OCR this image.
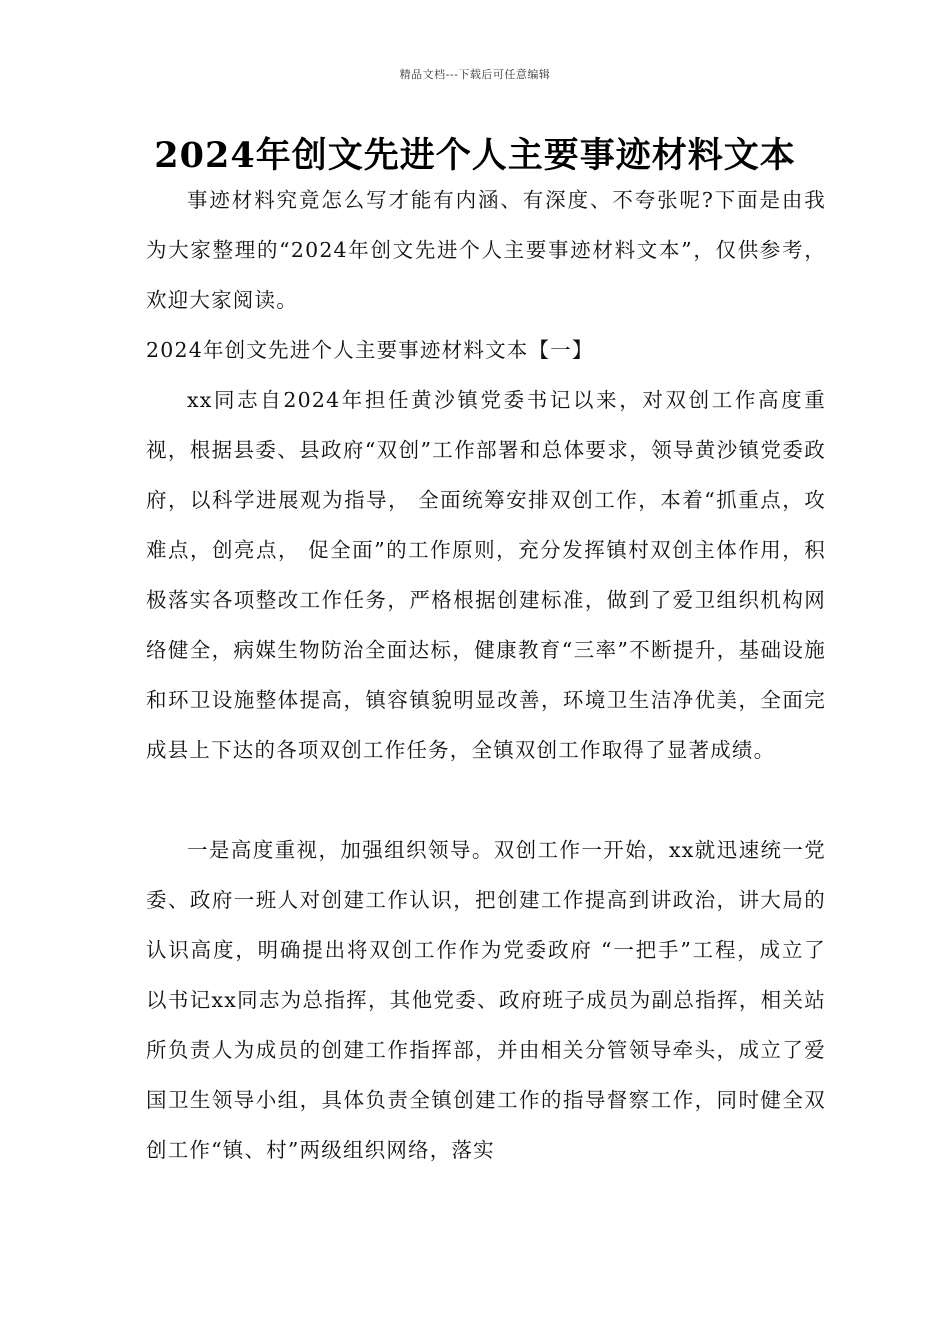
精品文档---下载后可任意编辑
2024年创文先进个人主要事迹材料文本

事迹材料究竟怎么写才能有内涵、有深度、不夸张呢?下面是由我为大家整理的“2024年创文先进个人主要事迹材料文本”，仅供参考，欢迎大家阅读。

2024年创文先进个人主要事迹材料文本【一】

xx同志自2024年担任黄沙镇党委书记以来，对双创工作高度重视，根据县委、县政府“双创”工作部署和总体要求，领导黄沙镇党委政府，以科学进展观为指导， 全面统筹安排双创工作，本着“抓重点，攻难点，创亮点， 促全面”的工作原则，充分发挥镇村双创主体作用，积极落实各项整改工作任务，严格根据创建标准，做到了爱卫组织机构网络健全，病媒生物防治全面达标，健康教育“三率”不断提升，基础设施和环卫设施整体提高，镇容镇貌明显改善，环境卫生洁净优美，全面完成县上下达的各项双创工作任务，全镇双创工作取得了显著成绩。

一是高度重视，加强组织领导。双创工作一开始，xx就迅速统一党委、政府一班人对创建工作认识，把创建工作提高到讲政治，讲大局的认识高度，明确提出将双创工作作为党委政府 “一把手”工程，成立了以书记xx同志为总指挥，其他党委、政府班子成员为副总指挥，相关站所负责人为成员的创建工作指挥部，并由相关分管领导牵头，成立了爱国卫生领导小组，具体负责全镇创建工作的指导督察工作，同时健全双创工作“镇、村”两级组织网络，落实
